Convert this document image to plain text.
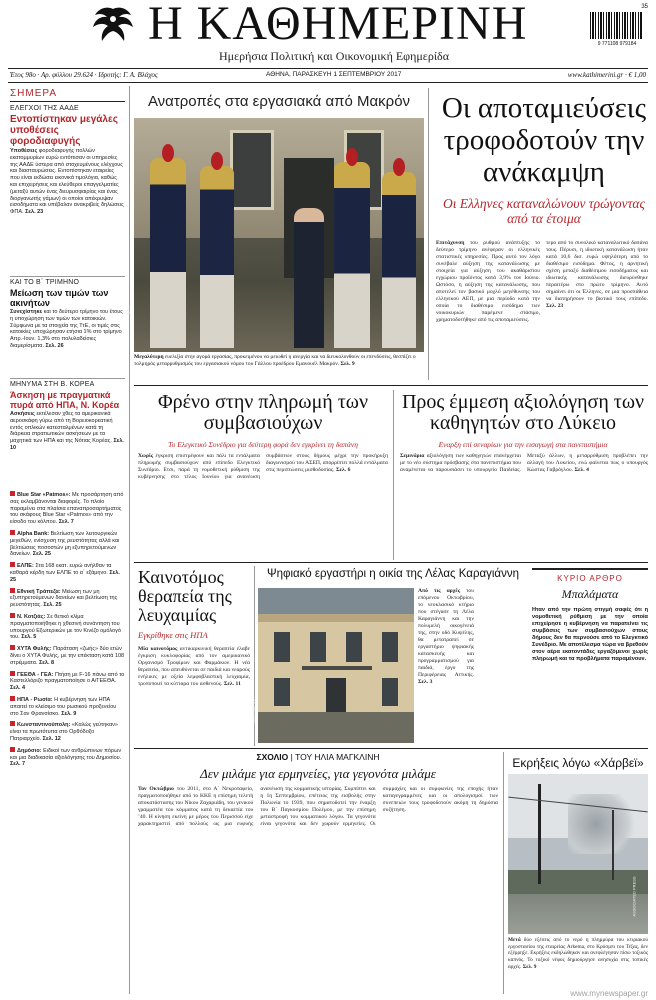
Η ΚΑΘΗΜΕΡΙΝΗ
Ημερήσια Πολιτική και Οικονομική Εφημερίδα
35
9 771108 979184
Έτος 98ο · Αρ. φύλλου 29.624 · Ιδρυτής: Γ. Α. Βλάχος	ΑΘΗΝΑ, ΠΑΡΑΣΚΕΥΗ 1 ΣΕΠΤΕΜΒΡΙΟΥ 2017	www.kathimerini.gr · € 1,00
ΣΗΜΕΡΑ
ΕΛΕΓΧΟΙ ΤΗΣ ΑΑΔΕ
Εντοπίστηκαν μεγάλες υποθέσεις φοροδιαφυγής
Υποθέσεις φοροδιαφυγής πολλών εκατομμυρίων ευρώ εντόπισαν οι υπηρεσίες της ΑΑΔΕ ύστερα από στοχευμένους ελέγχους και διασταυρώσεις. Εντοπίστηκαν εταιρείες που είναι εκδώσει εικονικά τιμολόγια, καθώς και επιχειρήσεις και ελεύθεροι επαγγελματίες (μεταξύ αυτών ένας διευρυσφαιρίας και ένας διοργανωτής γάμων) οι οποίοι απέκρυψαν εισοδήματα και υπέβαλαν ανακριβείς δηλώσεις ΦΠΑ. Σελ. 23
ΚΑΙ ΤΟ Β΄ ΤΡΙΜΗΝΟ
Μείωση των τιμών των ακινήτων
Συνεχίστηκε και το δεύτερο τρίμηνο του έτους η υποχώρηση των τιμών των κατοικιών. Σύμφωνα με τα στοιχεία της ΤτΕ, οι τιμές στις κατοικίες υποχώρησαν ετήσια 1% στο τρίμηνο Απρ.-Ιουν. 1,3% στο πολυλαδείσιες διαμερίσματα. Σελ. 26
ΜΗΝΥΜΑ ΣΤΗ Β. ΚΟΡΕΑ
Άσκηση με πραγματικά πυρά από ΗΠΑ, Ν. Κορέα
Ασκήσεις εκτέλεσαν χθες τα αμερικανικά αεροσκάφη γύρω από τη Βορειοκορεατική εντός οπλικών κατεσταλμένων κατά τη διάρκεια στρατιωτικών ασκήσεων με τα μαχητικά των ΗΠΑ και της Νότιας Κορέας. Σελ. 10
Blue Star «Patmos»: Με προσάρτηση από σας εκλαμβάνονται διαφορές. Το πλοίο παραμένει στα πλαίσια επαναπροσαρτήματος του σκάφους Blue Star «Patmos» από την είσοδο του κόλπου. Σελ. 7
Alpha Bank: Βελτίωση των λειτουργικών μεγεθών, ενίσχυση της ρευστότητας αλλά και βελτιώσεις ποσοστών μη εξυπηρετούμενων δανείων. Σελ. 25
ΕΛΠΕ: Στα 168 εκατ. ευρώ ανήλθαν τα καθαρά κέρδη των ΕΛΠΕ το α΄ εξάμηνο. Σελ. 25
Εθνική Τράπεζα: Μείωση των μη εξυπηρετούμενων δανείων και βελτίωση της ρευστότητας. Σελ. 25
Ν. Κοτζιάς: Σε θετικό κλίμα πραγματοποιήθηκε η χθεσινή συνάντηση του υπουργού Εξωτερικών με τον Κινέζο ομόλογό του. Σελ. 5
ΧΥΤΑ Φυλής: Παράταση «ζωής» δύο ετών δίνει ο ΧΥΤΑ Φυλής, με την επέκταση κατά 108 στρέμματα. Σελ. 8
ΓΕΕΘΑ - ΓΕΑ: Πτήση με F-16 πάνω από το Καστελλόριζο πραγματοποίησε ο Α/ΓΕΕΘΑ. Σελ. 4
ΗΠΑ - Ρωσία: Η κυβέρνηση των ΗΠΑ απαιτεί το κλείσιμο του ρωσικού προξενείου στο Σαν Φρανσίσκο. Σελ. 9
Κωνσταντινούπολη: «Καλώς γεύτηκαν» είναι τα πρωτότυπα στο Ορθόδοξο Πατριαρχείο. Σελ. 12
Δημόσιο: Ειδικοί των ανθρώπινων πόρων και μια διαδικασία αξιολόγησης του Δημοσίου. Σελ. 7
Ανατροπές στα εργασιακά από Μακρόν
EPA
Μεγαλύτερη ευελιξία στην αγορά εργασίας, προκειμένου να μειωθεί η ανεργία και να διευκολυνθούν οι επενδύσεις, θεσπίζει ο τολμηρός μεταρρυθμισμός του εργασιακού νόμου του Γάλλου προέδρου Εμανουέλ Μακρόν. Σελ. 9
Οι αποταμιεύσεις τροφοδοτούν την ανάκαμψη
Οι Ελληνες καταναλώνουν τρώγοντας από τα έτοιμα
Επιτάχυνση του ρυθμού ανάπτυξης το δεύτερο τρίμηνο ανέφεραν οι ελληνικές στατιστικές υπηρεσίες. Προς αυτό τον λόγο συνέβαλε αύξηση της κατανάλωσης με στοιχεία για αύξηση του ακαθάριστου εγχώριου προϊόντος κατά 3,9% τον Ιούνιο. Ωστόσο, η αύξηση της κατανάλωσης, που αποτελεί τον βασικό μοχλό μεγέθυνσης του ελληνικού ΑΕΠ, με μια περίοδο κατά την οποία το διαθέσιμο εισόδημα των νοικοκυριών παρέμενε στάσιμο, χρηματοδοτήθηκε από τις αποταμιεύσεις.
τερο από το συνολικό καταναλωτικό δαπάνα τους. Πέρυσι, η ιδιωτική κατανάλωση ήταν κατά 10,6 δισ. ευρώ υψηλότερη από το διαθέσιμο εισόδημα. Φέτος, η αρνητική σχέση μεταξύ διαθέσιμου εισοδήματος και ιδιωτικής κατανάλωσης διευρύνθηκε περαιτέρω στο πρώτο τρίμηνο. Αυτό σημαίνει ότι οι Έλληνες, σε μια προσπάθεια να διατηρήσουν το βιοτικό τους επίπεδο. Σελ. 23
Φρένο στην πληρωμή των συμβασιούχων
Το Ελεγκτικό Συνέδριο για δεύτερη φορά δεν εγκρίνει τη δαπάνη
Χωρίς έγκριση επιστρέφουν και πάλι τα εντάλματα πληρωμής συμβασιούχων από επίπεδο Ελεγκτικό Συνέδριο. Ετσι, παρά τη νομοθετική ρύθμιση της κυβέρνησης στο τέλος Ιουνίου για ανανέωση συμβάσεων στους δήμους μέχρι την προκήρυξη διαγωνισμού του ΑΣΕΠ, απορρίπτει πολλά εντάλματα στις περιπτώσεις μισθοδοσίας. Σελ. 6
Προς έμμεση αξιολόγηση των καθηγητών στο Λύκειο
Εναρξη επί σεναρίων για την εισαγωγή στα πανεπιστήμια
Σεμινάρια αξιολόγηση των καθηγητών επανέρχεται με το νέο σύστημα πρόσβασης στα πανεπιστήμια που αναμένεται να παρουσιάσει το υπουργείο Παιδείας. Μεταξύ άλλων, η μεταρρύθμιση προβλέπει την αλλαγή του Λυκείου, ενώ φαίνεται πως ο υπουργός Κώστας Γαβρόγλου. Σελ. 4
Καινοτόμος θεραπεία της λευχαιμίας
Εγκρίθηκε στις ΗΠΑ
Μία καινοτόμος αντικαρκινική θεραπεία έλαβε έγκριση κυκλοφορίας από τον αμερικανικό Οργανισμό Τροφίμων και Φαρμάκων. Η νέα θεραπεία, που απευθύνεται σε παιδιά και νεαρούς ενήλικες με οξεία λεμφοβλαστική λευχαιμία, τροποποιεί τα κύτταρα του ασθενούς. Σελ. 11
Ψηφιακό εργαστήρι η οικία της Λέλας Καραγιάννη
ΚΑΘΗΜΕΡΙΝΗ
Από τις αρχές του επόμενου Οκτωβρίου, το νεοκλασικό κτήριο που στέγασε τη Λέλα Καραγιάννη και την πολυμελή οικογένειά της, στην οδό Κυψέλης, θα μετατραπεί σε εργαστήριο ψηφιακής κατασκευής και προγραμματισμού για παιδιά, έργο της Περιφέρειας Αττικής. Σελ. 3
ΚΥΡΙΟ ΑΡΘΡΟ
Μπαλάματα
Ηταν από την πρώτη στιγμή σαφές ότι η νομοθετική ρύθμιση με την οποία επιχείρησε η κυβέρνηση να παρατείνει τις συμβάσεις των συμβασιούχων στους δήμους δεν θα περνούσε από το Ελεγκτικό Συνέδριο. Με αποτέλεσμα τώρα να βρεθούν στον αέρα εκατοντάδες εργαζόμενοι χωρίς πληρωμή και τα προβλήματα παραμένουν.
ΣΧΟΛΙΟ | ΤΟΥ ΗΛΙΑ ΜΑΓΚΛΙΝΗ
Δεν μιλάμε για ερμηνείες, για γεγονότα μιλάμε
Τον Οκτώβριο του 2011, στο Α΄ Νεκροταφείο, πραγματοποιήθηκε από το ΚΚΕ η επίσημη τελετή αποκατάστασης του Νίκου Ζαχαριάδη, του γενικού γραμματέα του κόμματος κατά τη δεκαετία του ’40. Η κίνηση εκείνη με μέρος του Περισσού είχε χαρακτηριστεί από πολλούς ως μια ευφυής ανανέωση της κομματικής ιστορίας. Συμπίπτει και η 1η Σεπτεμβρίου, επέτειος της εισβολής στην Πολωνία το 1939, που σηματοδοτεί την έναρξη του Β΄ Παγκοσμίου Πολέμου, με την επίσημη μεταστροφή του κομματικού λόγου. Τα γεγονότα είναι γεγονότα και δεν χωρούν ερμηνείες. Οι συμμαχίες και οι συμφωνίες της εποχής ήταν καταγεγραμμένες και οι απολογισμοί των συνεπειών τους τροφοδοτούν ακόμη τη δημόσια συζήτηση.
Εκρήξεις λόγω «Χάρβεϊ»
ASSOCIATED PRESS
Μετά δύο εξέσεις από το νερό η πλημμύρα του κτιριακού εργοστασίου της εταιρείας Arkema, στο Κρόσμπι του Τέξας, δεν εξέρρηξε. Εκρήξεις εκδηλώθηκαν και ανεφλέγησαν πίσω τοξικός καπνός. Το τοξικό νέφος δημιούργησε ανησυχία στις τοπικές αρχές. Σελ. 9
www.mynewspaper.gr
